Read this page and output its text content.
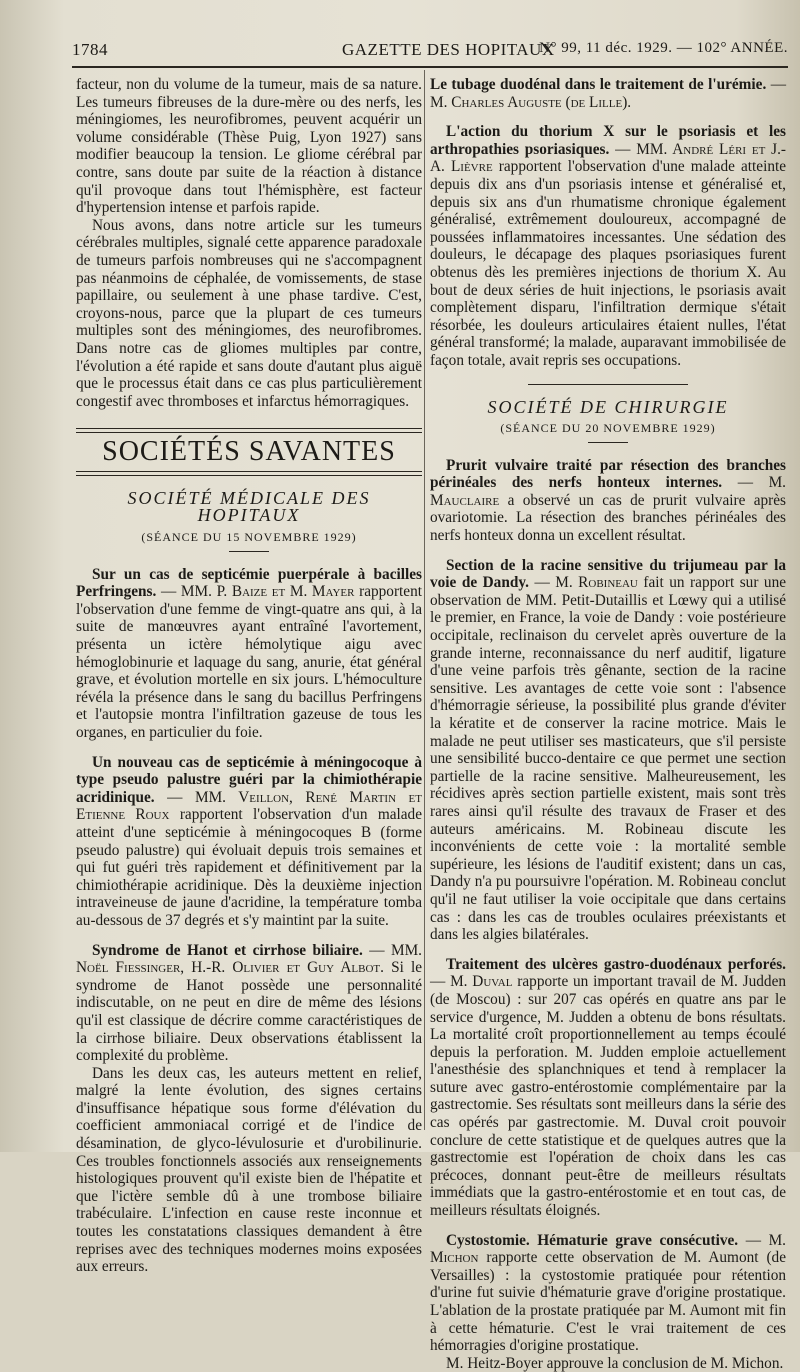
1784	GAZETTE DES HOPITAUX
N° 99, 11 déc. 1929. — 102° ANNÉE.

facteur, non du volume de la tumeur, mais de sa nature. Les tumeurs fibreuses de la dure-mère ou des nerfs, les méningiomes, les neurofibromes, peuvent acquérir un volume considérable (Thèse Puig, Lyon 1927) sans modifier beaucoup la tension. Le gliome cérébral par contre, sans doute par suite de la réaction à distance qu'il provoque dans tout l'hémisphère, est facteur d'hypertension intense et parfois rapide.

Nous avons, dans notre article sur les tumeurs cérébrales multiples, signalé cette apparence paradoxale de tumeurs parfois nombreuses qui ne s'accompagnent pas néanmoins de céphalée, de vomissements, de stase papillaire, ou seulement à une phase tardive. C'est, croyons-nous, parce que la plupart de ces tumeurs multiples sont des méningiomes, des neurofibromes. Dans notre cas de gliomes multiples par contre, l'évolution a été rapide et sans doute d'autant plus aiguë que le processus était dans ce cas plus particulièrement congestif avec thromboses et infarctus hémorragiques.

SOCIÉTÉS SAVANTES

SOCIÉTÉ MÉDICALE DES HOPITAUX

(SÉANCE DU 15 NOVEMBRE 1929)

Sur un cas de septicémie puerpérale à bacilles Perfringens. — MM. P. Baize et M. Mayer rapportent l'observation d'une femme de vingt-quatre ans qui, à la suite de manœuvres ayant entraîné l'avortement, présenta un ictère hémolytique aigu avec hémoglobinurie et laquage du sang, anurie, état général grave, et évolution mortelle en six jours. L'hémoculture révéla la présence dans le sang du bacillus Perfringens et l'autopsie montra l'infiltration gazeuse de tous les organes, en particulier du foie.

Un nouveau cas de septicémie à méningocoque à type pseudo palustre guéri par la chimiothérapie acridinique. — MM. Veillon, René Martin et Etienne Roux rapportent l'observation d'un malade atteint d'une septicémie à méningocoques B (forme pseudo palustre) qui évoluait depuis trois semaines et qui fut guéri très rapidement et définitivement par la chimiothérapie acridinique. Dès la deuxième injection intraveineuse de jaune d'acridine, la température tomba au-dessous de 37 degrés et s'y maintint par la suite.

Syndrome de Hanot et cirrhose biliaire. — MM. Noël Fiessinger, H.-R. Olivier et Guy Albot. Si le syndrome de Hanot possède une personnalité indiscutable, on ne peut en dire de même des lésions qu'il est classique de décrire comme caractéristiques de la cirrhose biliaire. Deux observations établissent la complexité du problème.

Dans les deux cas, les auteurs mettent en relief, malgré la lente évolution, des signes certains d'insuffisance hépatique sous forme d'élévation du coefficient ammoniacal corrigé et de l'indice de désamination, de glyco-lévulosurie et d'urobilinurie. Ces troubles fonctionnels associés aux renseignements histologiques prouvent qu'il existe bien de l'hépatite et que l'ictère semble dû à une trombose biliaire trabéculaire. L'infection en cause reste inconnue et toutes les constatations classiques demandent à être reprises avec des techniques modernes moins exposées aux erreurs.

Le tubage duodénal dans le traitement de l'urémie. — M. Charles Auguste (de Lille).

L'action du thorium X sur le psoriasis et les arthropathies psoriasiques. — MM. André Léri et J.-A. Lièvre rapportent l'observation d'une malade atteinte depuis dix ans d'un psoriasis intense et généralisé et, depuis six ans d'un rhumatisme chronique également généralisé, extrêmement douloureux, accompagné de poussées inflammatoires incessantes. Une sédation des douleurs, le décapage des plaques psoriasiques furent obtenus dès les premières injections de thorium X. Au bout de deux séries de huit injections, le psoriasis avait complètement disparu, l'infiltration dermique s'était résorbée, les douleurs articulaires étaient nulles, l'état général transformé; la malade, auparavant immobilisée de façon totale, avait repris ses occupations.

SOCIÉTÉ DE CHIRURGIE

(SÉANCE DU 20 NOVEMBRE 1929)

Prurit vulvaire traité par résection des branches périnéales des nerfs honteux internes. — M. Mauclaire a observé un cas de prurit vulvaire après ovariotomie. La résection des branches périnéales des nerfs honteux donna un excellent résultat.

Section de la racine sensitive du trijumeau par la voie de Dandy. — M. Robineau fait un rapport sur une observation de MM. Petit-Dutaillis et Lœwy qui a utilisé le premier, en France, la voie de Dandy : voie postérieure occipitale, reclinaison du cervelet après ouverture de la grande interne, reconnaissance du nerf auditif, ligature d'une veine parfois très gênante, section de la racine sensitive. Les avantages de cette voie sont : l'absence d'hémorragie sérieuse, la possibilité plus grande d'éviter la kératite et de conserver la racine motrice. Mais le malade ne peut utiliser ses masticateurs, que s'il persiste une sensibilité bucco-dentaire ce que permet une section partielle de la racine sensitive. Malheureusement, les récidives après section partielle existent, mais sont très rares ainsi qu'il résulte des travaux de Fraser et des auteurs américains. M. Robineau discute les inconvénients de cette voie : la mortalité semble supérieure, les lésions de l'auditif existent; dans un cas, Dandy n'a pu poursuivre l'opération. M. Robineau conclut qu'il ne faut utiliser la voie occipitale que dans certains cas : dans les cas de troubles oculaires préexistants et dans les algies bilatérales.

Traitement des ulcères gastro-duodénaux perforés. — M. Duval rapporte un important travail de M. Judden (de Moscou) : sur 207 cas opérés en quatre ans par le service d'urgence, M. Judden a obtenu de bons résultats. La mortalité croît proportionnellement au temps écoulé depuis la perforation. M. Judden emploie actuellement l'anesthésie des splanchniques et tend à remplacer la suture avec gastro-entérostomie complémentaire par la gastrectomie. Ses résultats sont meilleurs dans la série des cas opérés par gastrectomie. M. Duval croit pouvoir conclure de cette statistique et de quelques autres que la gastrectomie est l'opération de choix dans les cas précoces, donnant peut-être de meilleurs résultats immédiats que la gastro-entérostomie et en tout cas, de meilleurs résultats éloignés.

Cystostomie. Hématurie grave consécutive. — M. Michon rapporte cette observation de M. Aumont (de Versailles) : la cystostomie pratiquée pour rétention d'urine fut suivie d'hématurie grave d'origine prostatique. L'ablation de la prostate pratiquée par M. Aumont mit fin à cette hématurie. C'est le vrai traitement de ces hémorragies d'origine prostatique.

M. Heitz-Boyer approuve la conclusion de M. Michon.
